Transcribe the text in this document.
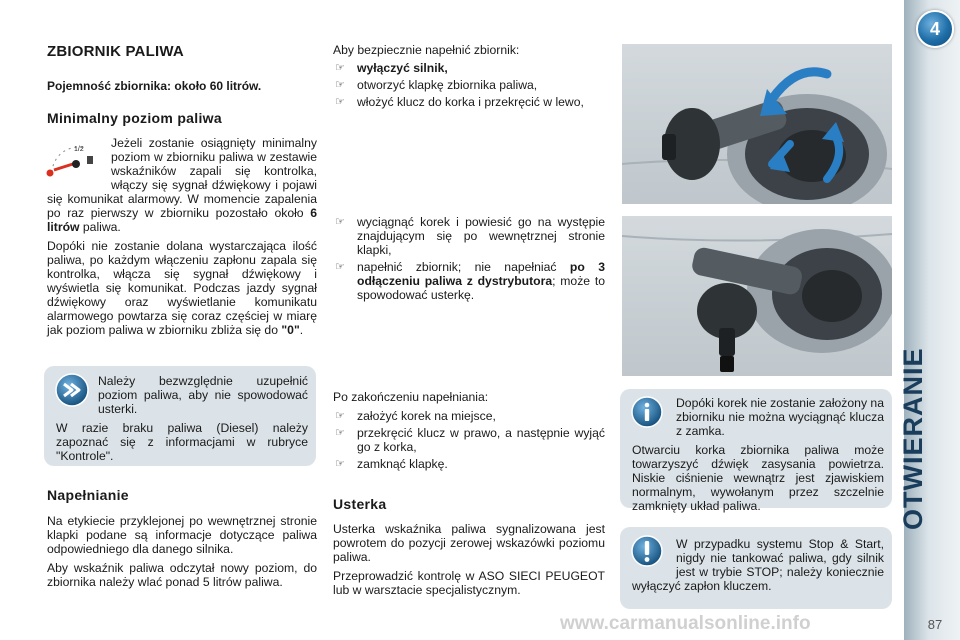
ZBIORNIK PALIWA
Pojemność zbiornika: około 60 litrów.
Minimalny poziom paliwa
1/2	Jeżeli zostanie osiągnięty minimalny poziom w zbiorniku paliwa w zestawie wskaźników zapali się kontrolka, włączy się sygnał dźwiękowy i pojawi się komunikat alarmowy. W momencie zapalenia po raz pierwszy w zbiorniku pozostało około 6 litrów paliwa.

Dopóki nie zostanie dolana wystarczająca ilość paliwa, po każdym włączeniu zapłonu zapala się kontrolka, włącza się sygnał dźwiękowy i wyświetla się komunikat. Podczas jazdy sygnał dźwiękowy oraz wyświetlanie komunikatu alarmowego powtarza się coraz częściej w miarę jak poziom paliwa w zbiorniku zbliża się do "0".

Należy bezwzględnie uzupełnić poziom paliwa, aby nie spowodować usterki.

W razie braku paliwa (Diesel) należy zapoznać się z informacjami w rubryce "Kontrole".

Napełnianie

Na etykiecie przyklejonej po wewnętrznej stronie klapki podane są informacje dotyczące paliwa odpowiedniego dla danego silnika.

Aby wskaźnik paliwa odczytał nowy poziom, do zbiornika należy wlać ponad 5 litrów paliwa.

Aby bezpiecznie napełnić zbiornik:
☞ wyłączyć silnik,
☞ otworzyć klapkę zbiornika paliwa,
☞ włożyć klucz do korka i przekręcić w lewo,
☞ wyciągnąć korek i powiesić go na występie znajdującym się po wewnętrznej stronie klapki,
☞ napełnić zbiornik; nie napełniać po 3 odłączeniu paliwa z dystrybutora; może to spowodować usterkę.
Po zakończeniu napełniania:
☞ założyć korek na miejsce,
☞ przekręcić klucz w prawo, a następnie wyjąć go z korka,
☞ zamknąć klapkę.
Usterka

Usterka wskaźnika paliwa sygnalizowana jest powrotem do pozycji zerowej wskazówki poziomu paliwa.

Przeprowadzić kontrolę w ASO SIECI PEUGEOT lub w warsztacie specjalistycznym.

Dopóki korek nie zostanie założony na zbiorniku nie można wyciągnąć klucza z zamka.

Otwarciu korka zbiornika paliwa może towarzyszyć dźwięk zasysania powietrza. Niskie ciśnienie wewnątrz jest zjawiskiem normalnym, wywołanym przez szczelnie zamknięty układ paliwa.

W przypadku systemu Stop & Start, nigdy nie tankować paliwa, gdy silnik jest w trybie STOP; należy koniecznie wyłączyć zapłon kluczem.

4
OTWIERANIE
87
www.carmanualsonline.info
